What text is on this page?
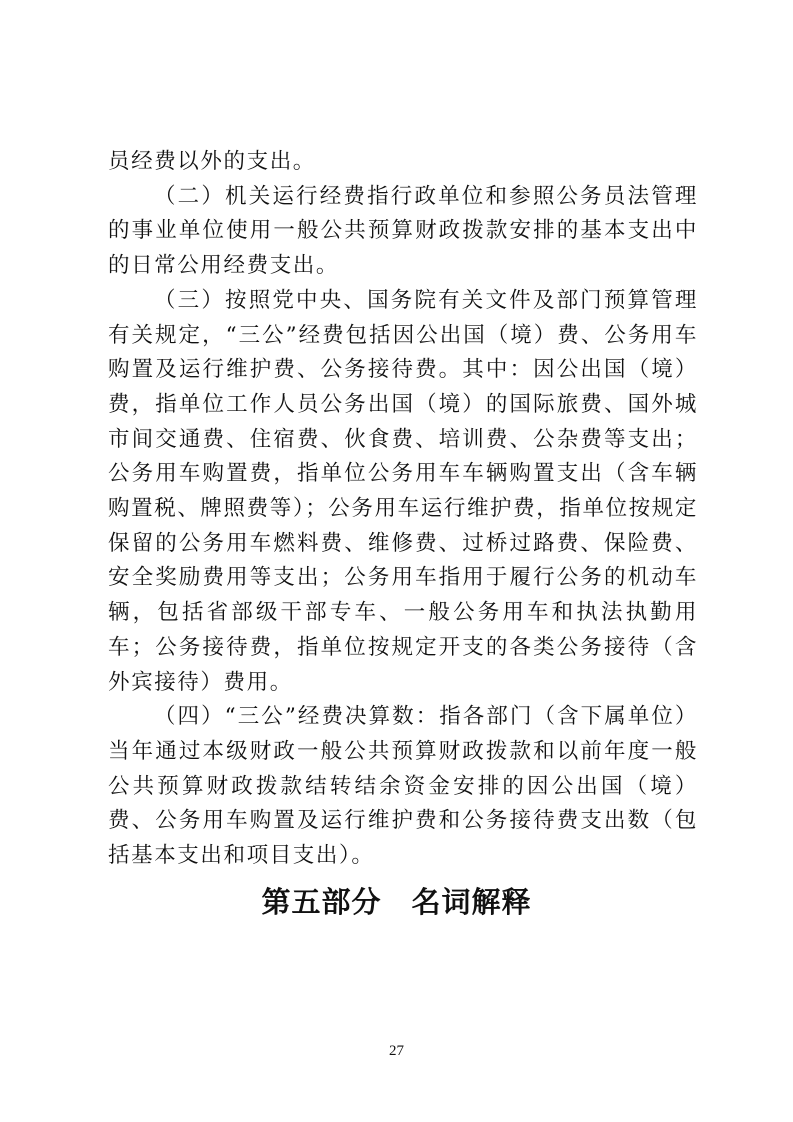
员经费以外的支出。

（二）机关运行经费指行政单位和参照公务员法管理的事业单位使用一般公共预算财政拨款安排的基本支出中的日常公用经费支出。

（三）按照党中央、国务院有关文件及部门预算管理有关规定，“三公”经费包括因公出国（境）费、公务用车购置及运行维护费、公务接待费。其中：因公出国（境）费，指单位工作人员公务出国（境）的国际旅费、国外城市间交通费、住宿费、伙食费、培训费、公杂费等支出；公务用车购置费，指单位公务用车车辆购置支出（含车辆购置税、牌照费等）；公务用车运行维护费，指单位按规定保留的公务用车燃料费、维修费、过桥过路费、保险费、安全奖励费用等支出；公务用车指用于履行公务的机动车辆，包括省部级干部专车、一般公务用车和执法执勤用车；公务接待费，指单位按规定开支的各类公务接待（含外宾接待）费用。

（四）“三公”经费决算数：指各部门（含下属单位）当年通过本级财政一般公共预算财政拨款和以前年度一般公共预算财政拨款结转结余资金安排的因公出国（境）费、公务用车购置及运行维护费和公务接待费支出数（包括基本支出和项目支出）。

第五部分　名词解释
27
